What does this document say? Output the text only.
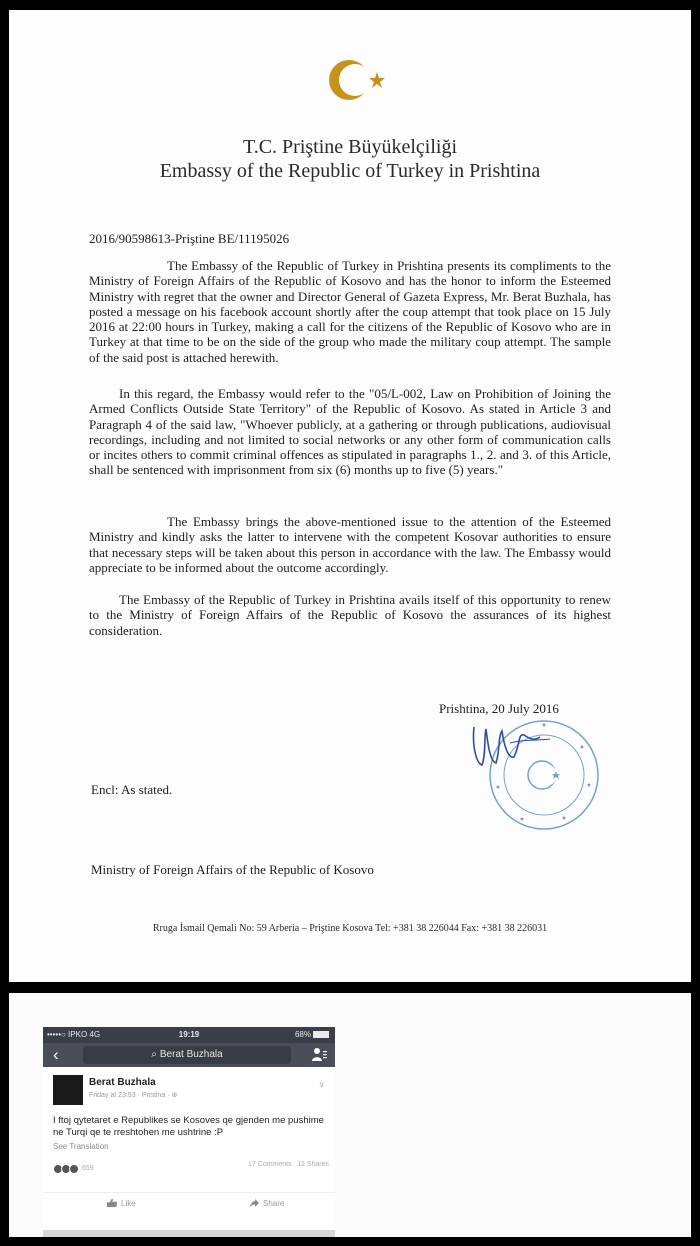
T.C. Priştine Büyükelçiliği
Embassy of the Republic of Turkey in Prishtina
2016/90598613-Priştine BE/11195026

The Embassy of the Republic of Turkey in Prishtina presents its compliments to the Ministry of Foreign Affairs of the Republic of Kosovo and has the honor to inform the Esteemed Ministry with regret that the owner and Director General of Gazeta Express, Mr. Berat Buzhala, has posted a message on his facebook account shortly after the coup attempt that took place on 15 July 2016 at 22:00 hours in Turkey, making a call for the citizens of the Republic of Kosovo who are in Turkey at that time to be on the side of the group who made the military coup attempt. The sample of the said post is attached herewith.

In this regard, the Embassy would refer to the "05/L-002, Law on Prohibition of Joining the Armed Conflicts Outside State Territory" of the Republic of Kosovo. As stated in Article 3 and Paragraph 4 of the said law, "Whoever publicly, at a gathering or through publications, audiovisual recordings, including and not limited to social networks or any other form of communication calls or incites others to commit criminal offences as stipulated in paragraphs 1., 2. and 3. of this Article, shall be sentenced with imprisonment from six (6) months up to five (5) years."

The Embassy brings the above-mentioned issue to the attention of the Esteemed Ministry and kindly asks the latter to intervene with the competent Kosovar authorities to ensure that necessary steps will be taken about this person in accordance with the law. The Embassy would appreciate to be informed about the outcome accordingly.

The Embassy of the Republic of Turkey in Prishtina avails itself of this opportunity to renew to the Ministry of Foreign Affairs of the Republic of Kosovo the assurances of its highest consideration.

Prishtina, 20 July 2016
Encl: As stated.
Ministry of Foreign Affairs of the Republic of Kosovo
Rruga İsmail Qemali No: 59 Arberia – Priştine Kosova Tel: +381 38 226044 Fax: +381 38 226031
•••••○ IPKO 4G	19:19	68%
‹	⌕ Berat Buzhala
Berat Buzhala
Friday at 23:53 · Pristina · ⊕
∨

I ftoj qytetaret e Republikes se Kosoves qe gjenden me pushime ne Turqi qe te rreshtohen me ushtrine :P

See Translation
659
17 Comments 11 Shares
Like	Share
